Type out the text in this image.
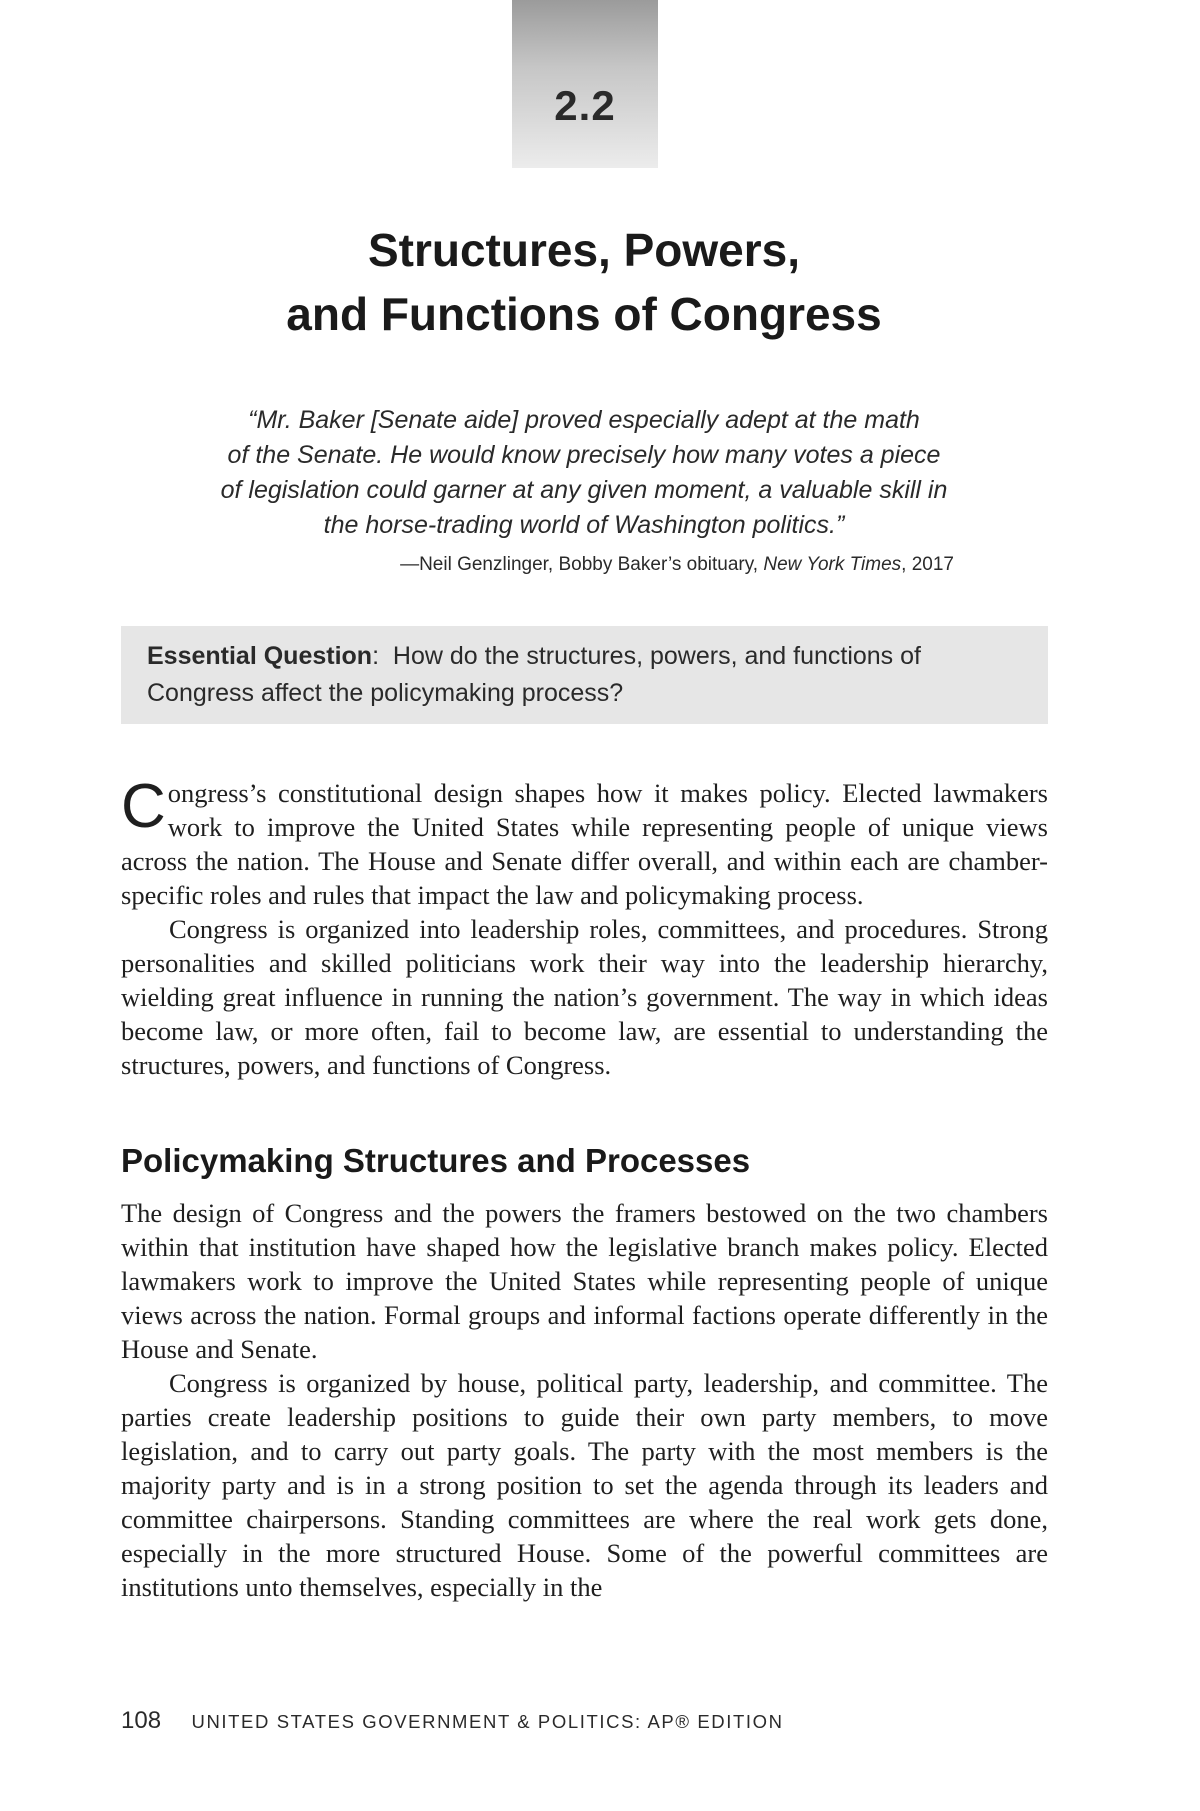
2.2
Structures, Powers,
and Functions of Congress
“Mr. Baker [Senate aide] proved especially adept at the math
of the Senate. He would know precisely how many votes a piece
of legislation could garner at any given moment, a valuable skill in
the horse-trading world of Washington politics.”
—Neil Genzlinger, Bobby Baker’s obituary, New York Times, 2017
Essential Question: How do the structures, powers, and functions of Congress affect the policymaking process?

Congress’s constitutional design shapes how it makes policy. Elected lawmakers work to improve the United States while representing people of unique views across the nation. The House and Senate differ overall, and within each are chamber-specific roles and rules that impact the law and policymaking process.

Congress is organized into leadership roles, committees, and procedures. Strong personalities and skilled politicians work their way into the leadership hierarchy, wielding great influence in running the nation’s government. The way in which ideas become law, or more often, fail to become law, are essential to understanding the structures, powers, and functions of Congress.

Policymaking Structures and Processes

The design of Congress and the powers the framers bestowed on the two chambers within that institution have shaped how the legislative branch makes policy. Elected lawmakers work to improve the United States while representing people of unique views across the nation. Formal groups and informal factions operate differently in the House and Senate.

Congress is organized by house, political party, leadership, and committee. The parties create leadership positions to guide their own party members, to move legislation, and to carry out party goals. The party with the most members is the majority party and is in a strong position to set the agenda through its leaders and committee chairpersons. Standing committees are where the real work gets done, especially in the more structured House. Some of the powerful committees are institutions unto themselves, especially in the

108 UNITED STATES GOVERNMENT & POLITICS: AP® EDITION
